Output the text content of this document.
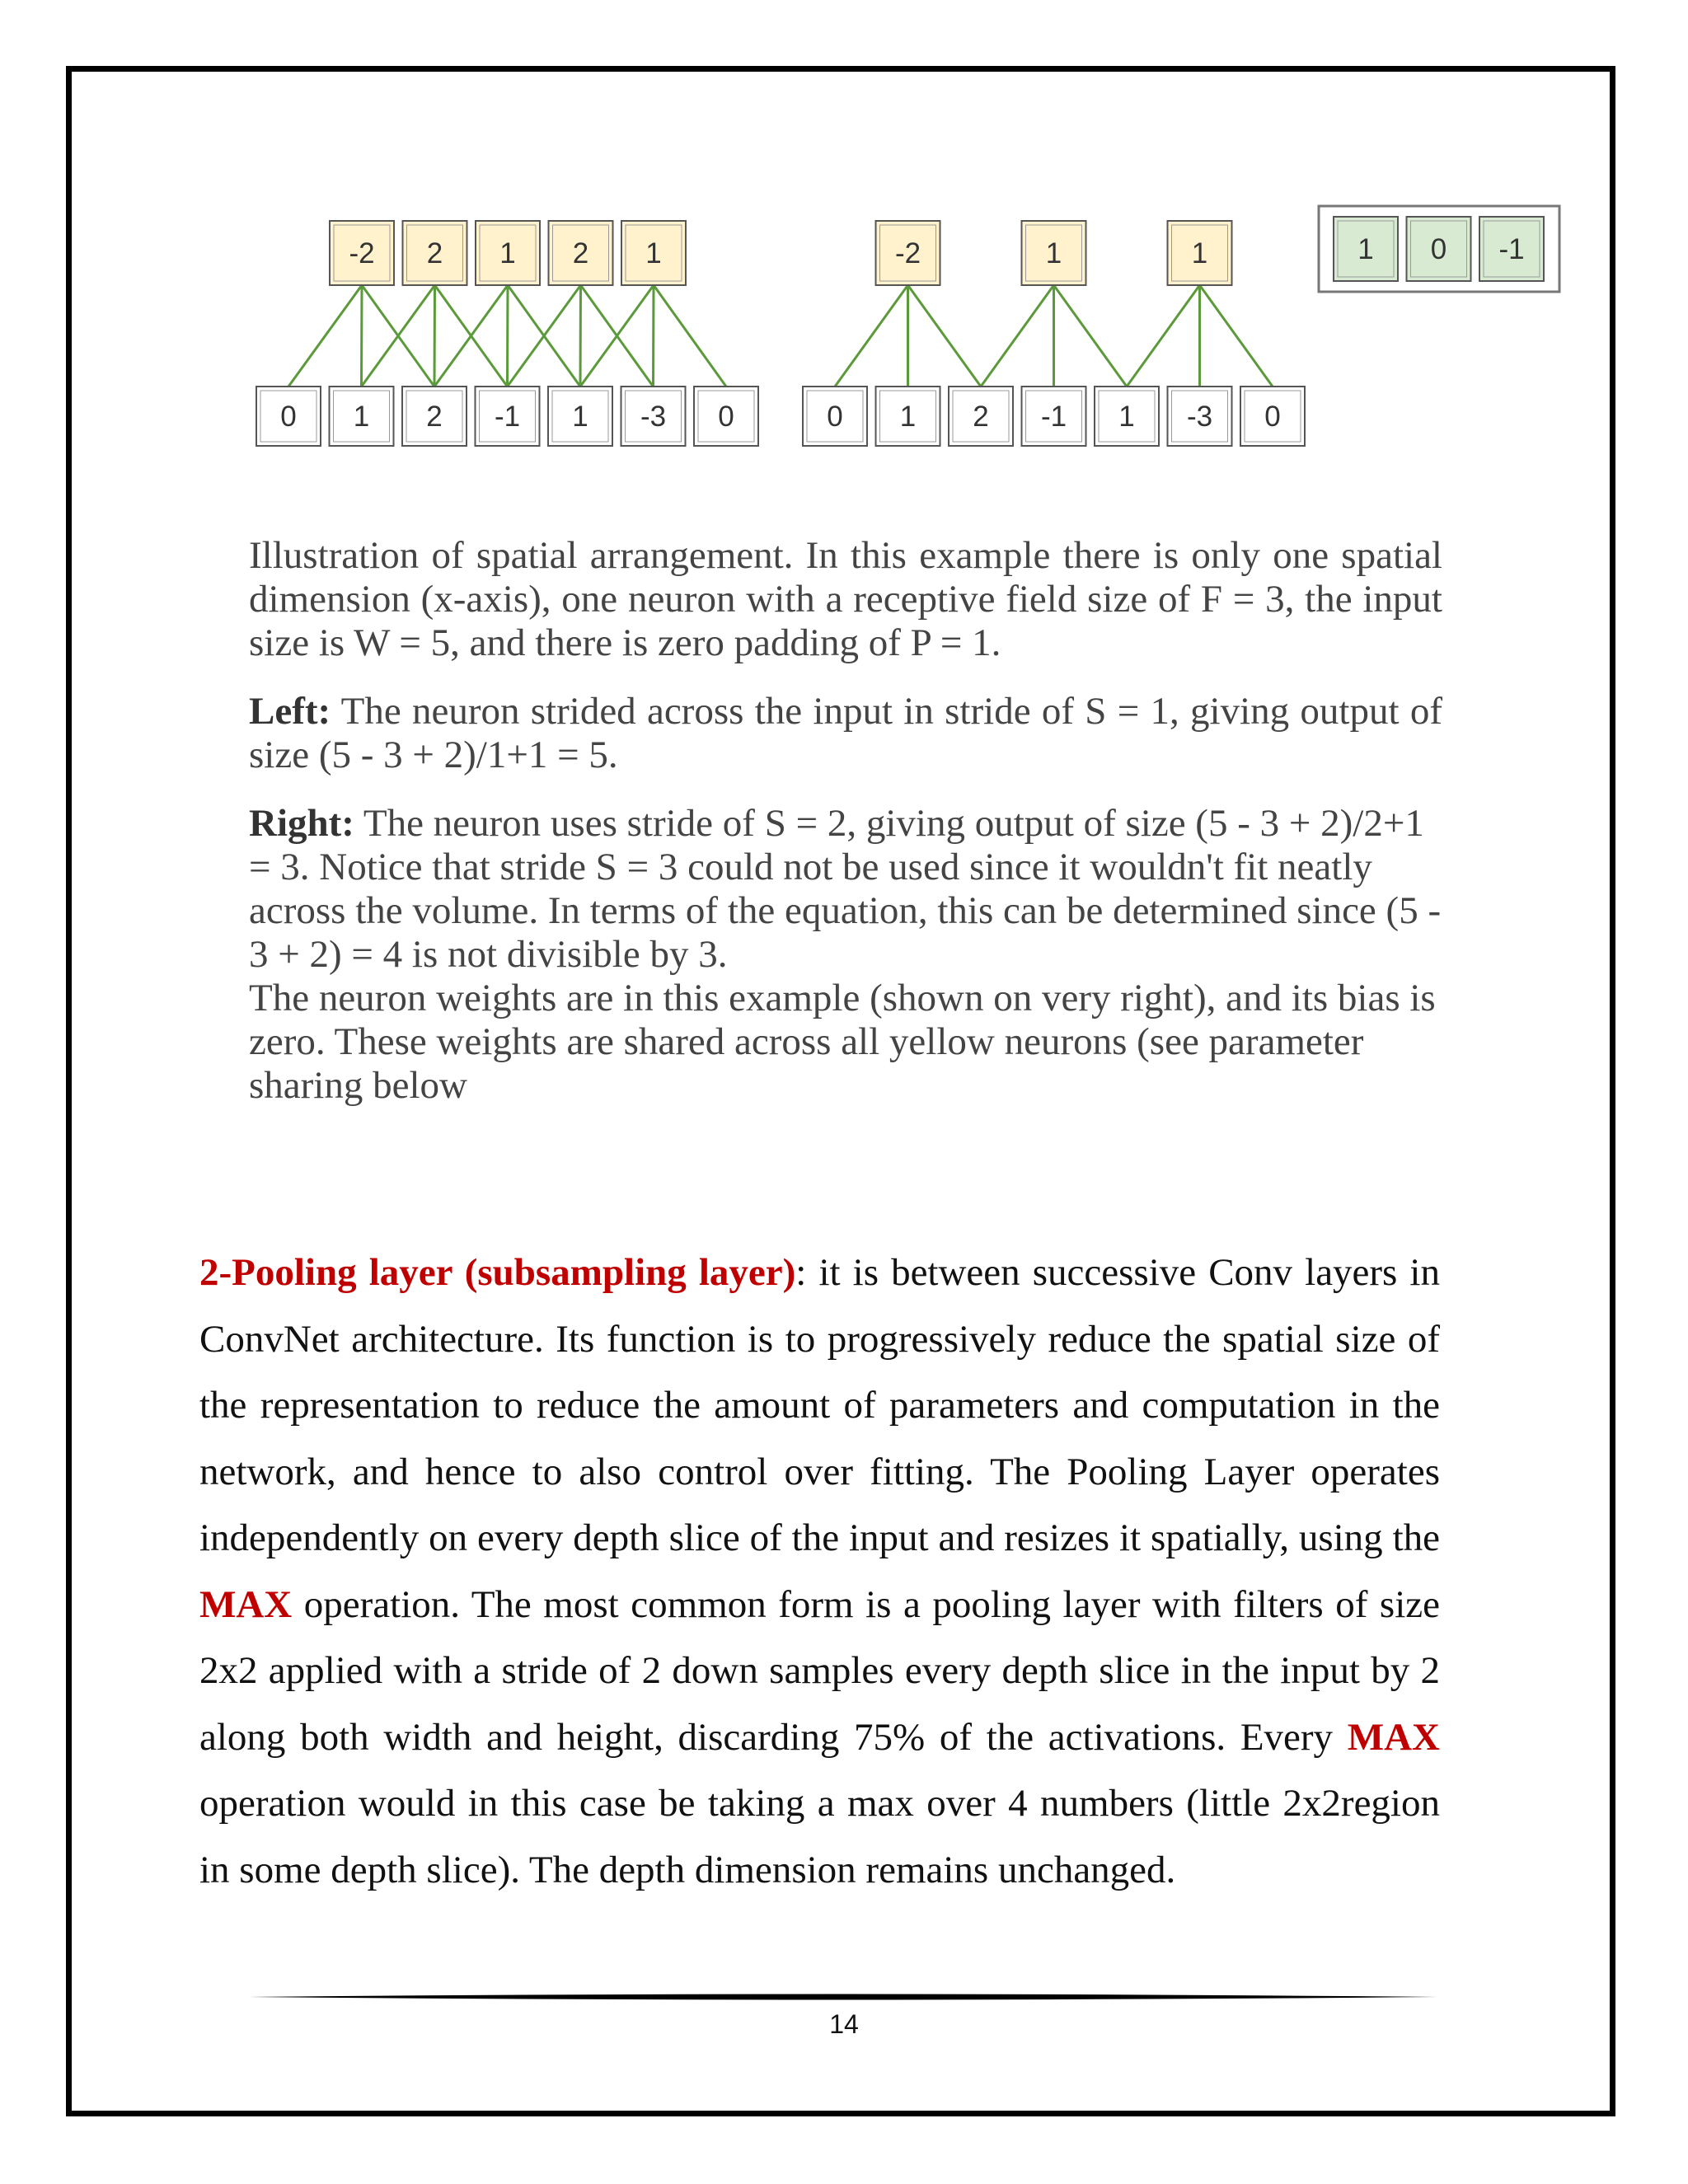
0 1 2 -1 1 -3 0
-2 2 1 2 1
0 1 2 -1 1 -3 0
-2	1	1	1 0 -1

Illustration of spatial arrangement. In this example there is only one spatial dimension (x-axis), one neuron with a receptive field size of F = 3, the input size is W = 5, and there is zero padding of P = 1.

Left: The neuron strided across the input in stride of S = 1, giving output of size (5 - 3 + 2)/1+1 = 5.

Right: The neuron uses stride of S = 2, giving output of size (5 - 3 + 2)/2+1 = 3. Notice that stride S = 3 could not be used since it wouldn't fit neatly across the volume. In terms of the equation, this can be determined since (5 - 3 + 2) = 4 is not divisible by 3.

The neuron weights are in this example (shown on very right), and its bias is zero. These weights are shared across all yellow neurons (see parameter sharing below

2-Pooling layer (subsampling layer): it is between successive Conv layers in ConvNet architecture. Its function is to progressively reduce the spatial size of the representation to reduce the amount of parameters and computation in the network, and hence to also control over fitting. The Pooling Layer operates independently on every depth slice of the input and resizes it spatially, using the MAX operation. The most common form is a pooling layer with filters of size 2x2 applied with a stride of 2 down samples every depth slice in the input by 2 along both width and height, discarding 75% of the activations. Every MAX operation would in this case be taking a max over 4 numbers (little 2x2region in some depth slice). The depth dimension remains unchanged.
14
